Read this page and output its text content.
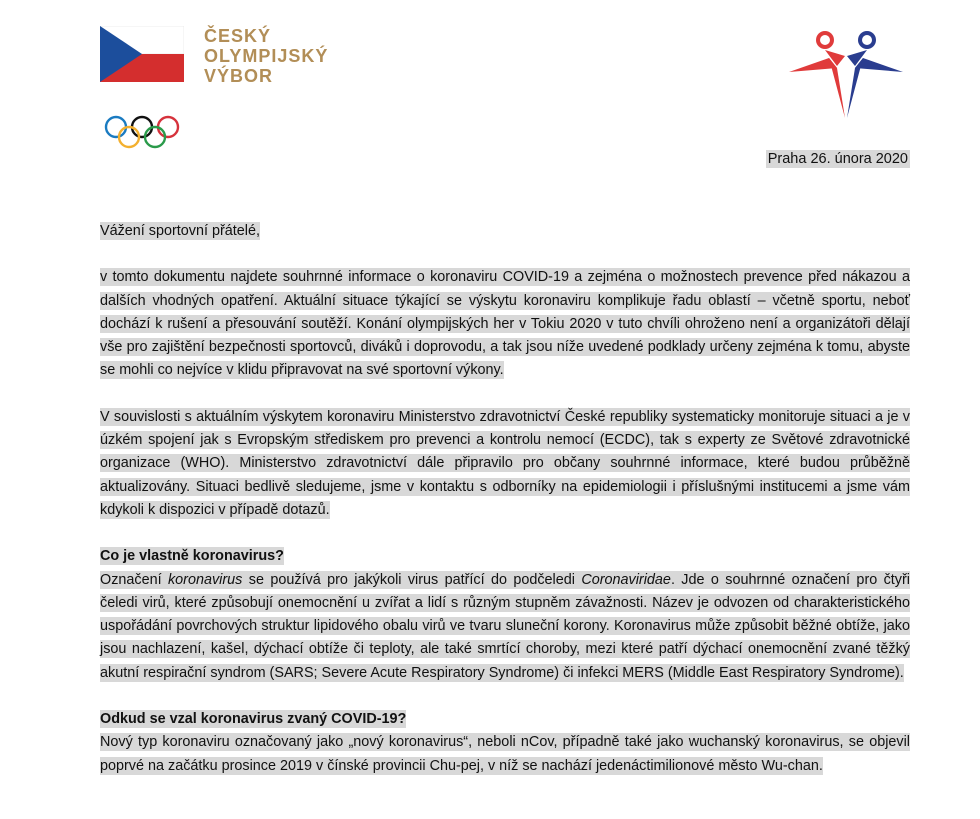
ČESKÝ
OLYMPIJSKÝ
VÝBOR
Praha 26. února 2020

Vážení sportovní přátelé,

v tomto dokumentu najdete souhrnné informace o koronaviru COVID-19 a zejména o možnostech prevence před nákazou a dalších vhodných opatření. Aktuální situace týkající se výskytu koronaviru komplikuje řadu oblastí – včetně sportu, neboť dochází k rušení a přesouvání soutěží. Konání olympijských her v Tokiu 2020 v tuto chvíli ohroženo není a organizátoři dělají vše pro zajištění bezpečnosti sportovců, diváků i doprovodu, a tak jsou níže uvedené podklady určeny zejména k tomu, abyste se mohli co nejvíce v klidu připravovat na své sportovní výkony.

V souvislosti s aktuálním výskytem koronaviru Ministerstvo zdravotnictví České republiky systematicky monitoruje situaci a je v úzkém spojení jak s Evropským střediskem pro prevenci a kontrolu nemocí (ECDC), tak s experty ze Světové zdravotnické organizace (WHO). Ministerstvo zdravotnictví dále připravilo pro občany souhrnné informace, které budou průběžně aktualizovány. Situaci bedlivě sledujeme, jsme v kontaktu s odborníky na epidemiologii i příslušnými institucemi a jsme vám kdykoli k dispozici v případě dotazů.

Co je vlastně koronavirus?

Označení koronavirus se používá pro jakýkoli virus patřící do podčeledi Coronaviridae. Jde o souhrnné označení pro čtyři čeledi virů, které způsobují onemocnění u zvířat a lidí s různým stupněm závažnosti. Název je odvozen od charakteristického uspořádání povrchových struktur lipidového obalu virů ve tvaru sluneční korony. Koronavirus může způsobit běžné obtíže, jako jsou nachlazení, kašel, dýchací obtíže či teploty, ale také smrtící choroby, mezi které patří dýchací onemocnění zvané těžký akutní respirační syndrom (SARS; Severe Acute Respiratory Syndrome) či infekci MERS (Middle East Respiratory Syndrome).

Odkud se vzal koronavirus zvaný COVID-19?

Nový typ koronaviru označovaný jako „nový koronavirus“, neboli nCov, případně také jako wuchanský koronavirus, se objevil poprvé na začátku prosince 2019 v čínské provincii Chu-pej, v níž se nachází jedenáctimilionové město Wu-chan.
